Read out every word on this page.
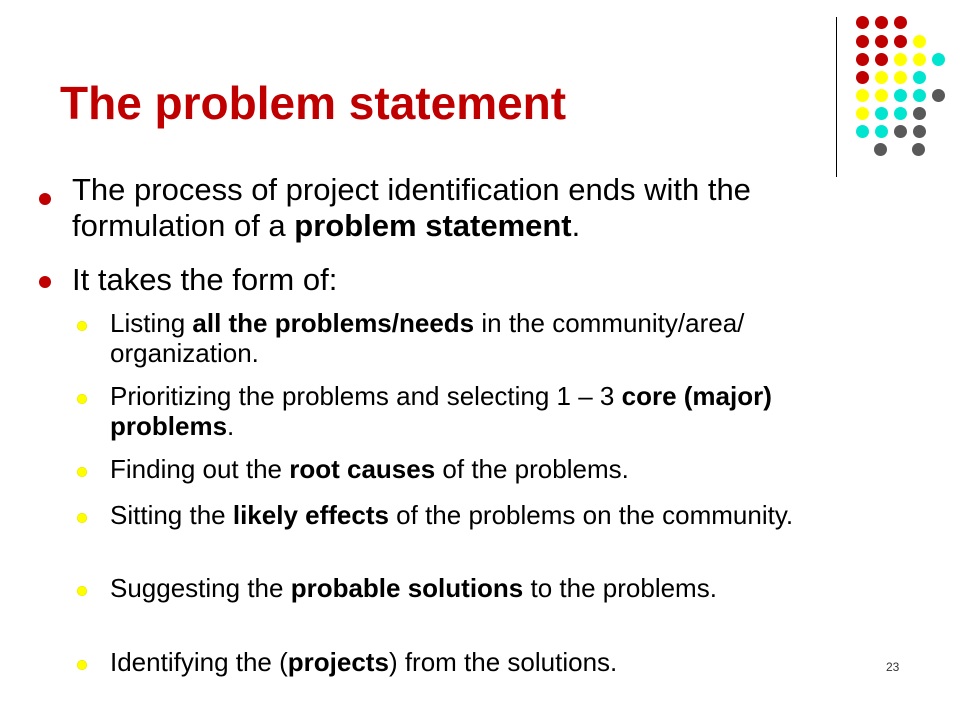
The problem statement
The process of project identification ends with the formulation of a problem statement.
It takes the form of:
Listing all the problems/needs in the community/area/ organization.
Prioritizing the problems and selecting 1 – 3 core (major) problems.
Finding out the root causes of the problems.
Sitting the likely effects of the problems on the community.
Suggesting the probable solutions to the problems.
Identifying the (projects) from the solutions.	23
